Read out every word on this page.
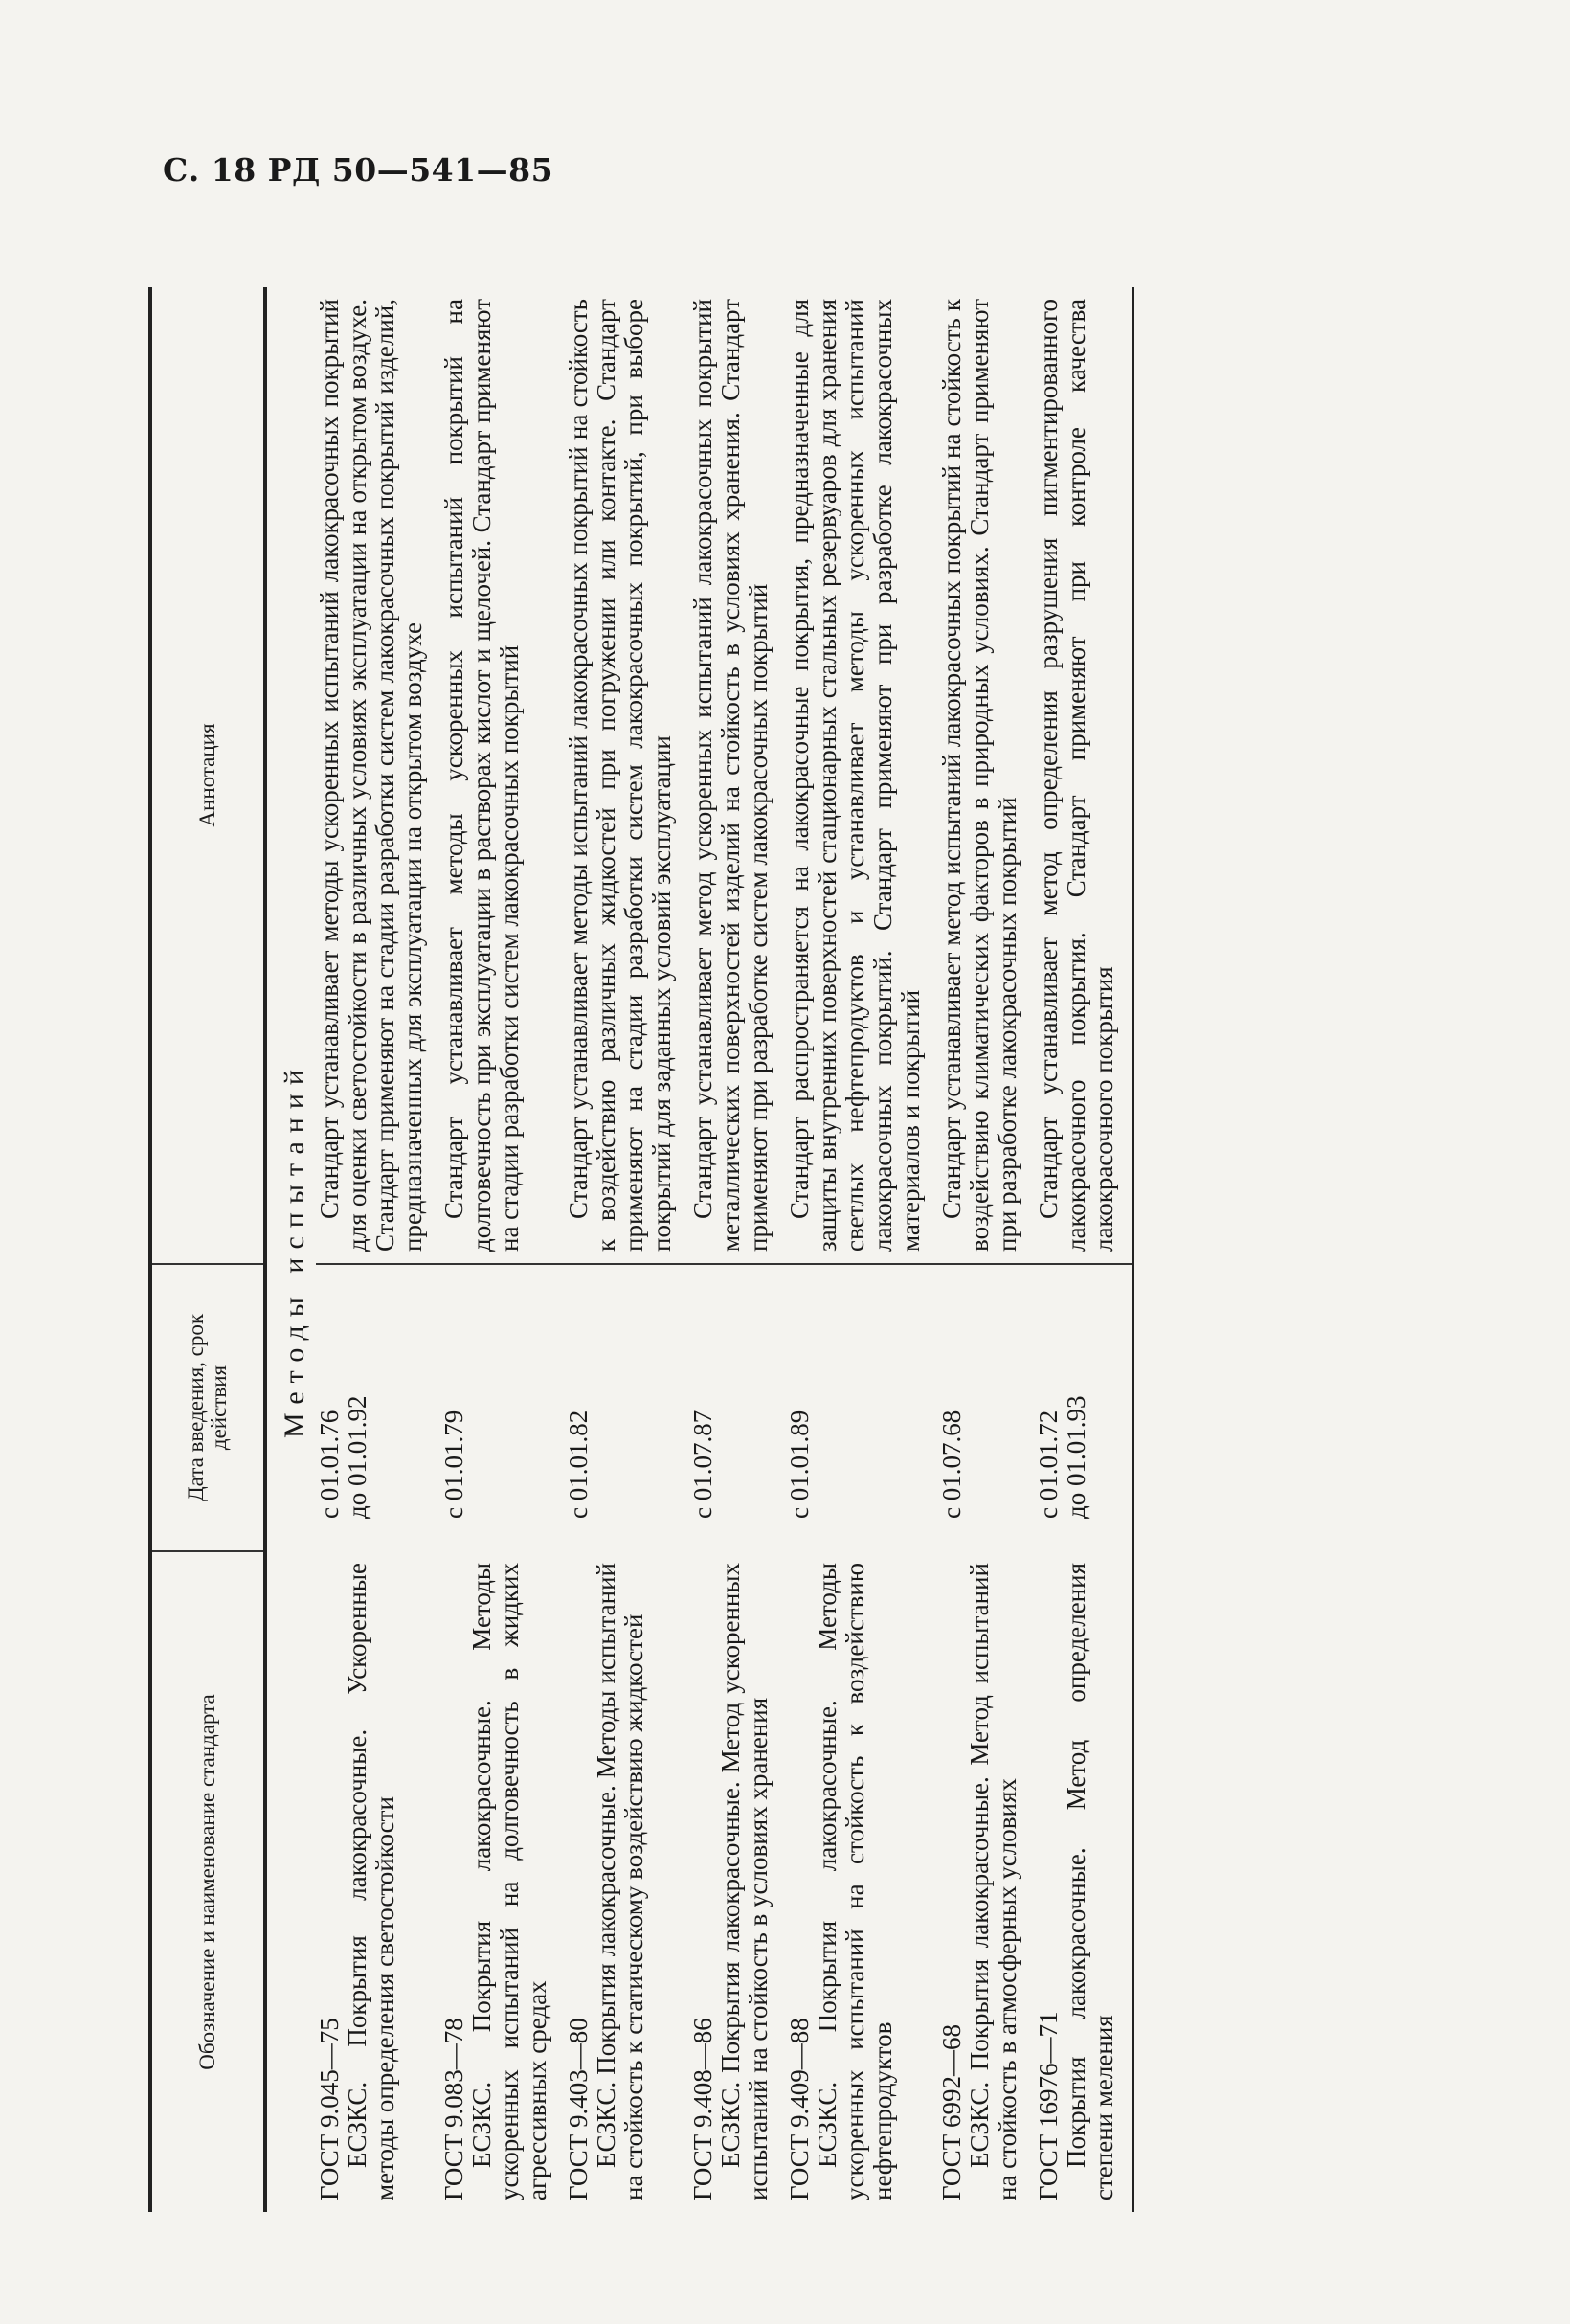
С. 18 РД 50—541—85
Обозначение и наименование стандарта	Дата введения, срок действия	Аннотация
Методы испытаний		

ГОСТ 9.045—75 ЕСЗКС. Покрытия лакокрасочные. Ускоренные методы определения светостойкости	с 01.01.76 до 01.01.92	Стандарт устанавливает методы ускоренных испытаний лакокрасочных покрытий для оценки светостойкости в различных условиях эксплуатации на открытом воздухе. Стандарт применяют на стадии разработки систем лакокрасочных покрытий изделий, предназначенных для эксплуатации на открытом воздухе

ГОСТ 9.083—78 ЕСЗКС. Покрытия лакокрасочные. Методы ускоренных испытаний на долговечность в жидких агрессивных средах	с 01.01.79	Стандарт устанавливает методы ускоренных испытаний покрытий на долговечность при эксплуатации в растворах кислот и щелочей. Стандарт применяют на стадии разработки систем лакокрасочных покрытий

ГОСТ 9.403—80 ЕСЗКС. Покрытия лакокрасочные. Методы испытаний на стойкость к статическому воздействию жидкостей	с 01.01.82	Стандарт устанавливает методы испытаний лакокрасочных покрытий на стойкость к воздействию различных жидкостей при погружении или контакте. Стандарт применяют на стадии разработки систем лакокрасочных покрытий, при выборе покрытий для заданных условий эксплуатации

ГОСТ 9.408—86 ЕСЗКС. Покрытия лакокрасочные. Метод ускоренных испытаний на стойкость в условиях хранения	с 01.07.87	Стандарт устанавливает метод ускоренных испытаний лакокрасочных покрытий металлических поверхностей изделий на стойкость в условиях хранения. Стандарт применяют при разработке систем лакокрасочных покрытий

ГОСТ 9.409—88 ЕСЗКС. Покрытия лакокрасочные. Методы ускоренных испытаний на стойкость к воздействию нефтепродуктов	с 01.01.89	Стандарт распространяется на лакокрасочные покрытия, предназначенные для защиты внутренних поверхностей стационарных стальных резервуаров для хранения светлых нефтепродуктов и устанавливает методы ускоренных испытаний лакокрасочных покрытий. Стандарт применяют при разработке лакокрасочных материалов и покрытий

ГОСТ 6992—68 ЕСЗКС. Покрытия лакокрасочные. Метод испытаний на стойкость в атмосферных условиях	с 01.07.68	Стандарт устанавливает метод испытаний лакокрасочных покрытий на стойкость к воздействию климатических факторов в природных условиях. Стандарт применяют при разработке лакокрасочных покрытий

ГОСТ 16976—71 Покрытия лакокрасочные. Метод определения степени меления	с 01.01.72 до 01.01.93	Стандарт устанавливает метод определения разрушения пигментированного лакокрасочного покрытия. Стандарт применяют при контроле качества лакокрасочного покрытия
